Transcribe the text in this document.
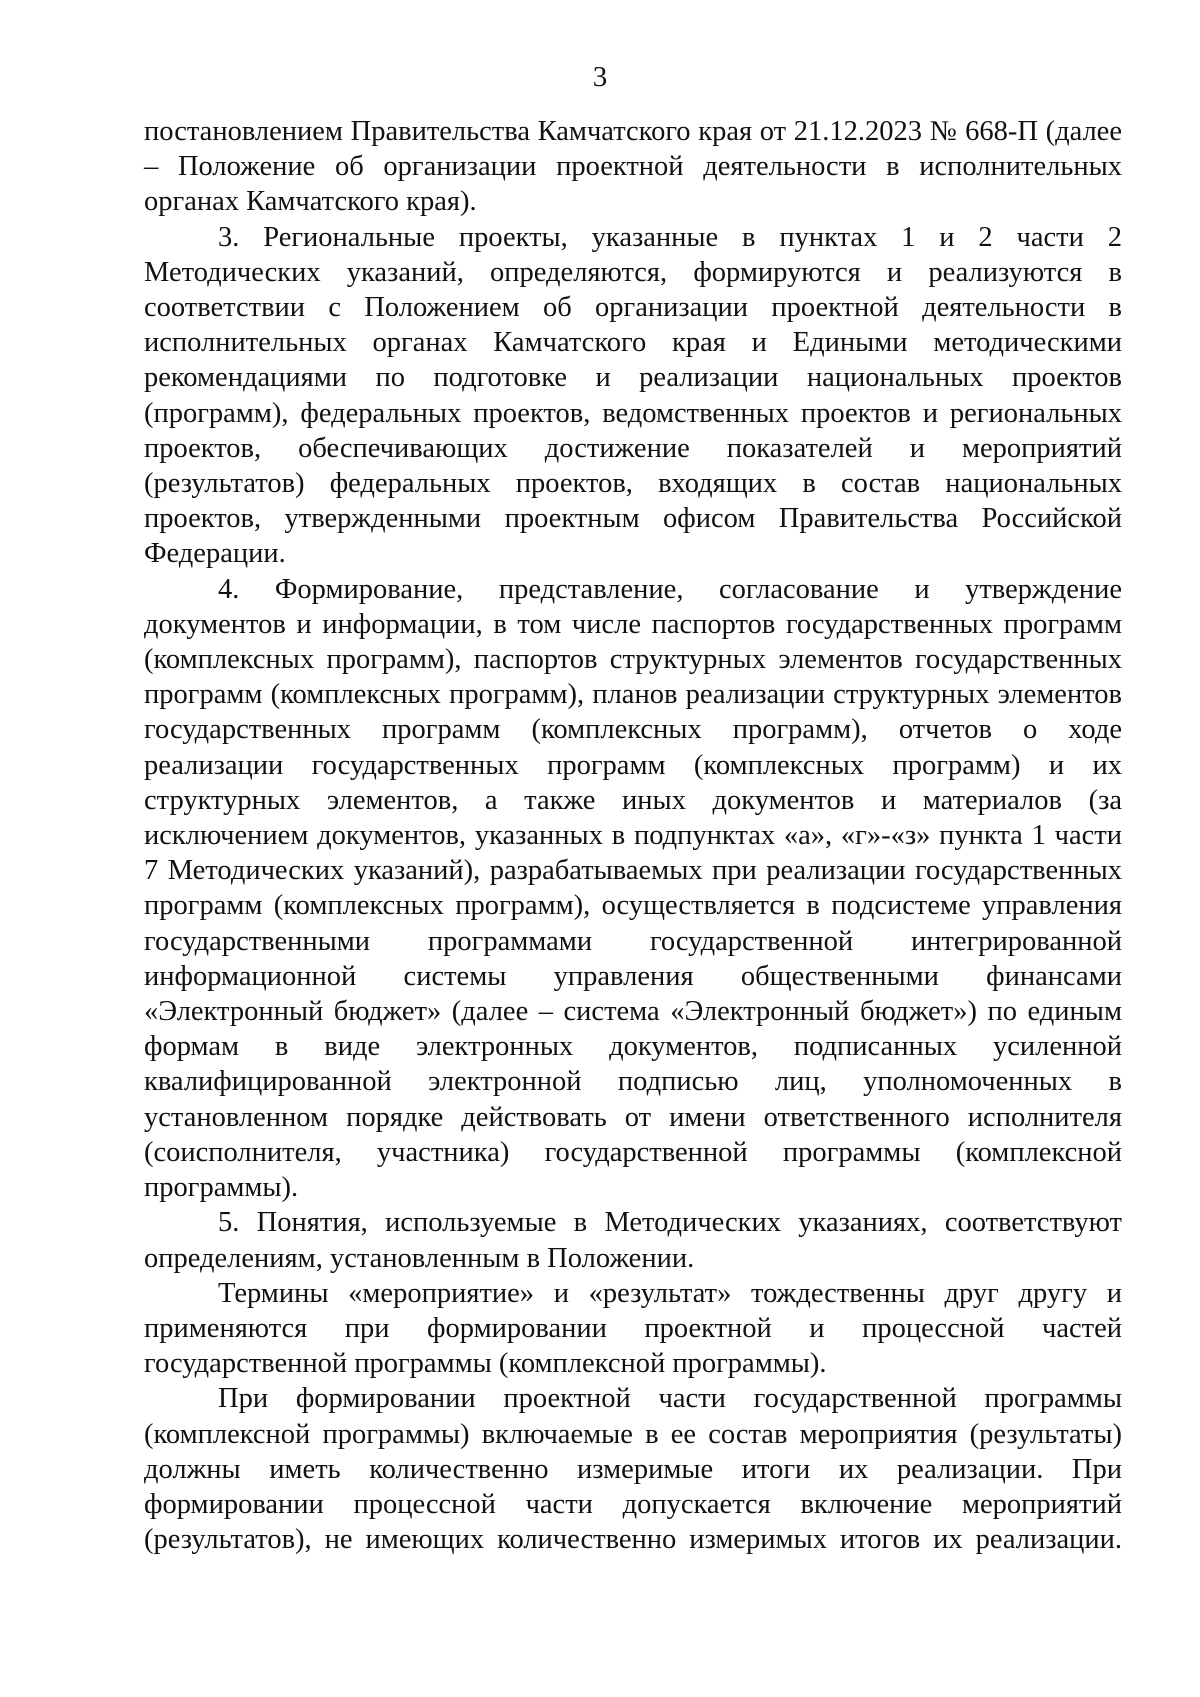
3

постановлением Правительства Камчатского края от 21.12.2023 № 668-П (далее – Положение об организации проектной деятельности в исполнительных органах Камчатского края).

3. Региональные проекты, указанные в пунктах 1 и 2 части 2 Методических указаний, определяются, формируются и реализуются в соответствии с Положением об организации проектной деятельности в исполнительных органах Камчатского края и Едиными методическими рекомендациями по подготовке и реализации национальных проектов (программ), федеральных проектов, ведомственных проектов и региональных проектов, обеспечивающих достижение показателей и мероприятий (результатов) федеральных проектов, входящих в состав национальных проектов, утвержденными проектным офисом Правительства Российской Федерации.

4. Формирование, представление, согласование и утверждение документов и информации, в том числе паспортов государственных программ (комплексных программ), паспортов структурных элементов государственных программ (комплексных программ), планов реализации структурных элементов государственных программ (комплексных программ), отчетов о ходе реализации государственных программ (комплексных программ) и их структурных элементов, а также иных документов и материалов (за исключением документов, указанных в подпунктах «а», «г»-«з» пункта 1 части 7 Методических указаний), разрабатываемых при реализации государственных программ (комплексных программ), осуществляется в подсистеме управления государственными программами государственной интегрированной информационной системы управления общественными финансами «Электронный бюджет» (далее – система «Электронный бюджет») по единым формам в виде электронных документов, подписанных усиленной квалифицированной электронной подписью лиц, уполномоченных в установленном порядке действовать от имени ответственного исполнителя (соисполнителя, участника) государственной программы (комплексной программы).

5. Понятия, используемые в Методических указаниях, соответствуют определениям, установленным в Положении.

Термины «мероприятие» и «результат» тождественны друг другу и применяются при формировании проектной и процессной частей государственной программы (комплексной программы).

При формировании проектной части государственной программы (комплексной программы) включаемые в ее состав мероприятия (результаты) должны иметь количественно измеримые итоги их реализации. При формировании процессной части допускается включение мероприятий (результатов), не имеющих количественно измеримых итогов их реализации.
